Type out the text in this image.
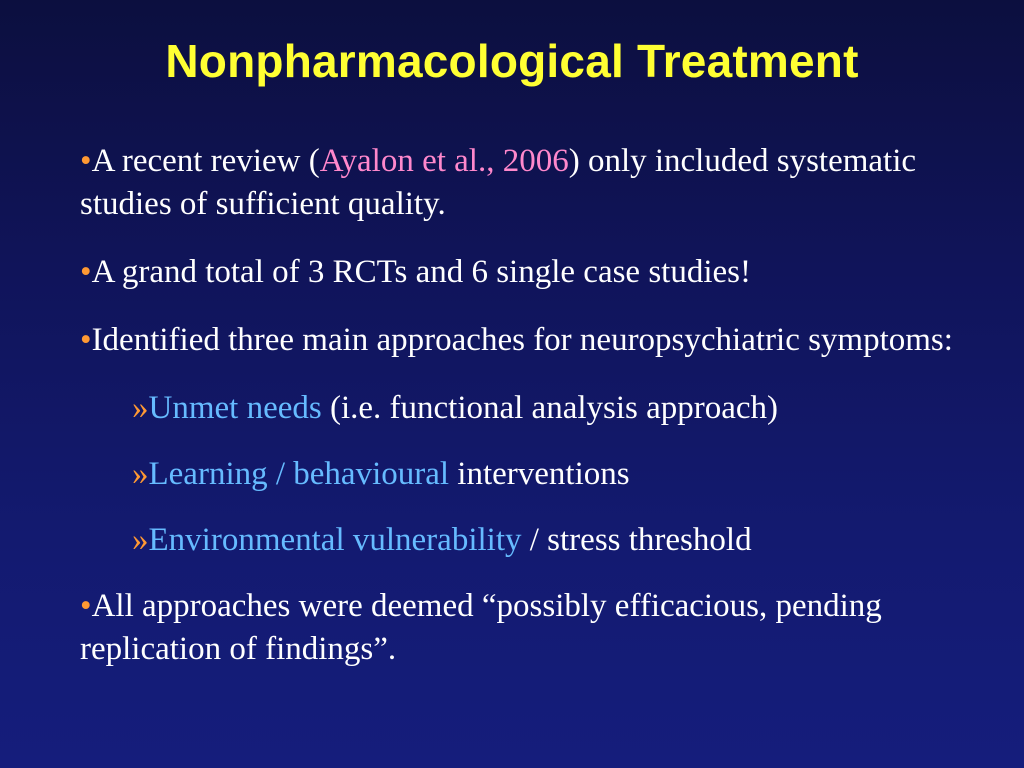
Nonpharmacological Treatment
•A recent review (Ayalon et al., 2006) only included systematic studies of sufficient quality.
•A grand total of 3 RCTs and 6 single case studies!
•Identified three main approaches for neuropsychiatric symptoms:
»Unmet needs (i.e. functional analysis approach)
»Learning / behavioural interventions
»Environmental vulnerability / stress threshold
•All approaches were deemed “possibly efficacious, pending replication of findings”.
